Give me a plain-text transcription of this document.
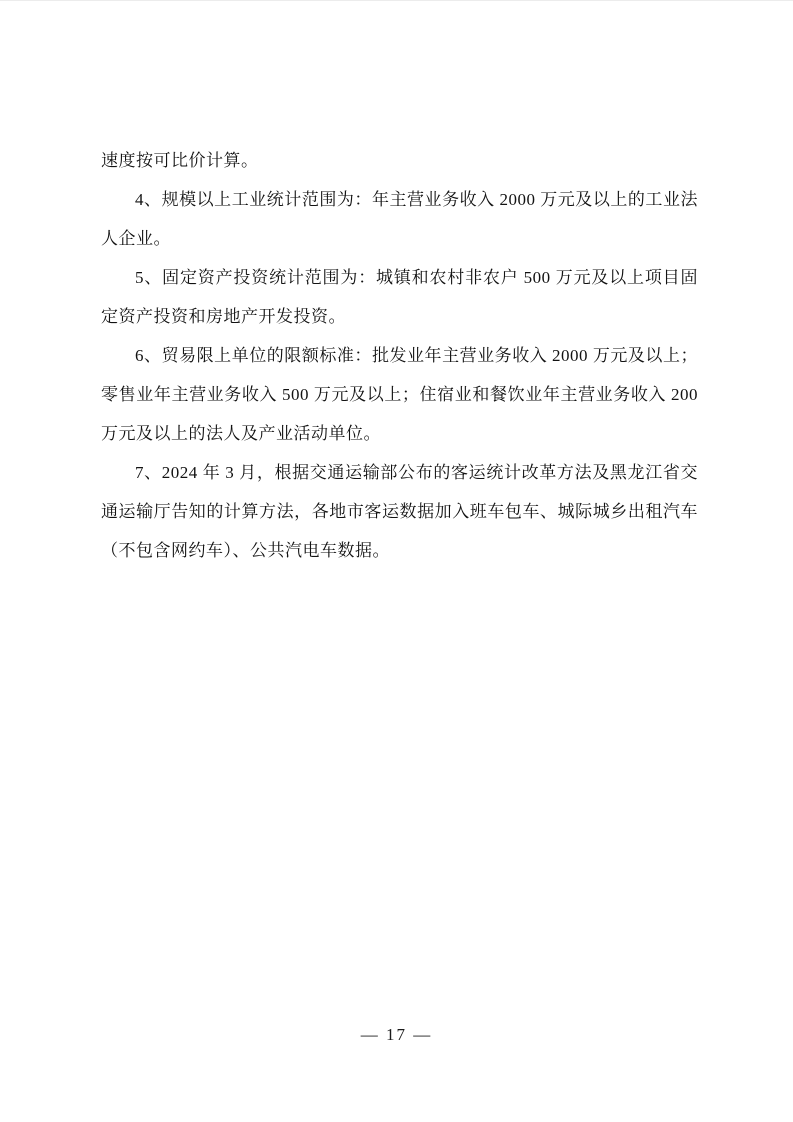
速度按可比价计算。

4、规模以上工业统计范围为：年主营业务收入 2000 万元及以上的工业法人企业。

5、固定资产投资统计范围为：城镇和农村非农户 500 万元及以上项目固定资产投资和房地产开发投资。

6、贸易限上单位的限额标准：批发业年主营业务收入 2000 万元及以上；零售业年主营业务收入 500 万元及以上；住宿业和餐饮业年主营业务收入 200 万元及以上的法人及产业活动单位。

7、2024 年 3 月，根据交通运输部公布的客运统计改革方法及黑龙江省交通运输厅告知的计算方法，各地市客运数据加入班车包车、城际城乡出租汽车（不包含网约车）、公共汽电车数据。

— 17 —
